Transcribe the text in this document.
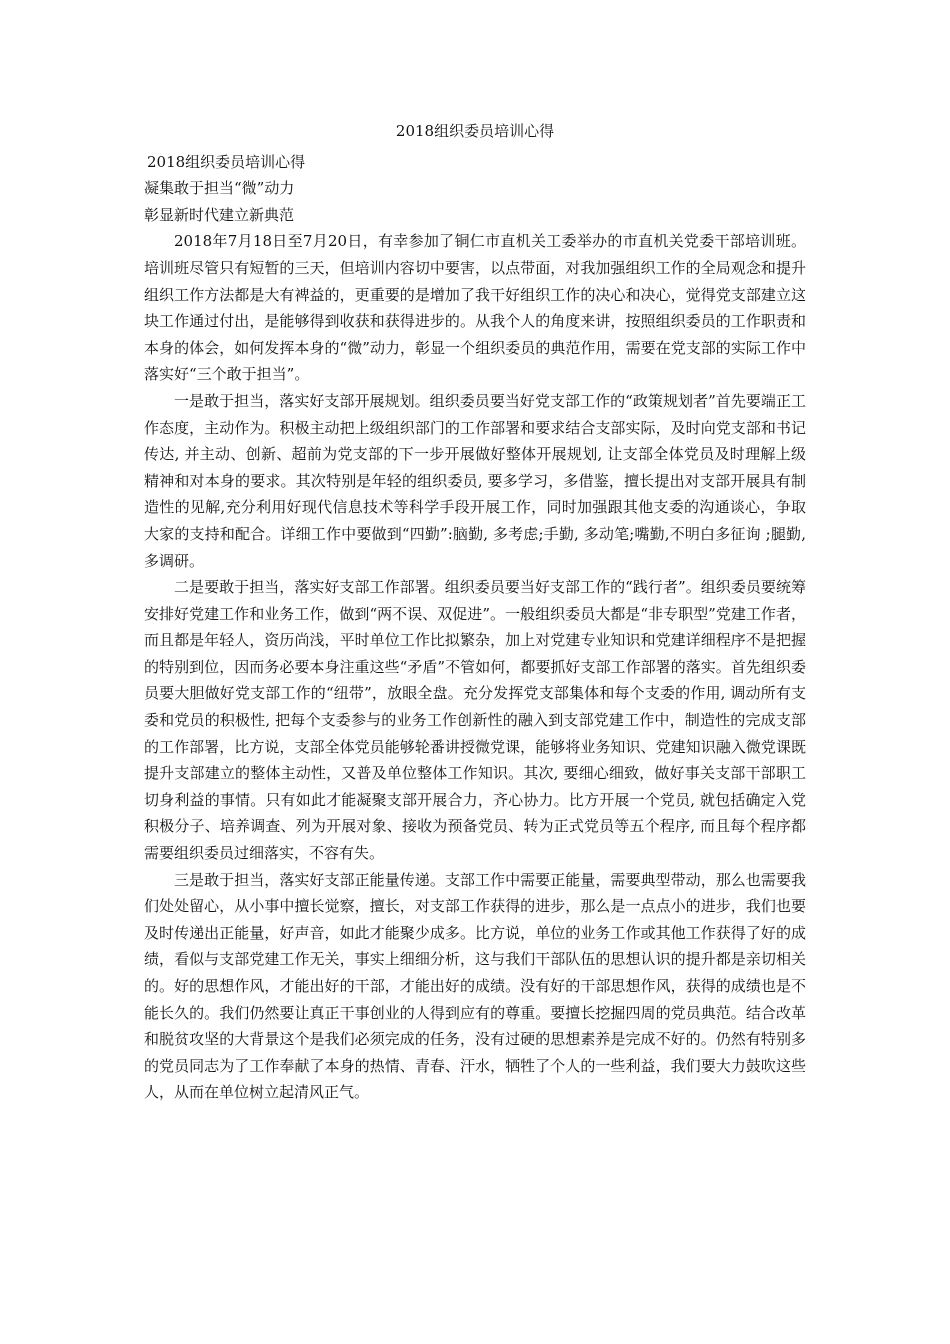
2018组织委员培训心得
2018组织委员培训心得
凝集敢于担当“微”动力
彰显新时代建立新典范

2018年7月18日至7月20日，有幸参加了铜仁市直机关工委举办的市直机关党委干部培训班。培训班尽管只有短暂的三天，但培训内容切中要害，以点带面，对我加强组织工作的全局观念和提升组织工作方法都是大有裨益的，更重要的是增加了我干好组织工作的决心和决心，觉得党支部建立这块工作通过付出，是能够得到收获和获得进步的。从我个人的角度来讲，按照组织委员的工作职责和本身的体会，如何发挥本身的“微”动力，彰显一个组织委员的典范作用，需要在党支部的实际工作中落实好“三个敢于担当”。

一是敢于担当，落实好支部开展规划。组织委员要当好党支部工作的“政策规划者”首先要端正工作态度，主动作为。积极主动把上级组织部门的工作部署和要求结合支部实际，及时向党支部和书记传达, 并主动、创新、超前为党支部的下一步开展做好整体开展规划, 让支部全体党员及时理解上级精神和对本身的要求。其次特别是年轻的组织委员, 要多学习，多借鉴，擅长提出对支部开展具有制造性的见解,充分利用好现代信息技术等科学手段开展工作，同时加强跟其他支委的沟通谈心，争取大家的支持和配合。详细工作中要做到“四勤”:脑勤, 多考虑;手勤, 多动笔;嘴勤,不明白多征询 ;腿勤, 多调研。

二是要敢于担当，落实好支部工作部署。组织委员要当好支部工作的“践行者”。组织委员要统筹安排好党建工作和业务工作，做到“两不误、双促进”。一般组织委员大都是“非专职型”党建工作者，而且都是年轻人，资历尚浅，平时单位工作比拟繁杂，加上对党建专业知识和党建详细程序不是把握的特别到位，因而务必要本身注重这些“矛盾”不管如何，都要抓好支部工作部署的落实。首先组织委员要大胆做好党支部工作的“纽带”，放眼全盘。充分发挥党支部集体和每个支委的作用, 调动所有支委和党员的积极性, 把每个支委参与的业务工作创新性的融入到支部党建工作中，制造性的完成支部的工作部署，比方说，支部全体党员能够轮番讲授微党课，能够将业务知识、党建知识融入微党课既提升支部建立的整体主动性，又普及单位整体工作知识。其次, 要细心细致，做好事关支部干部职工切身利益的事情。只有如此才能凝聚支部开展合力，齐心协力。比方开展一个党员, 就包括确定入党积极分子、培养调查、列为开展对象、接收为预备党员、转为正式党员等五个程序, 而且每个程序都需要组织委员过细落实，不容有失。

三是敢于担当，落实好支部正能量传递。支部工作中需要正能量，需要典型带动，那么也需要我们处处留心，从小事中擅长觉察，擅长，对支部工作获得的进步，那么是一点点小的进步，我们也要及时传递出正能量，好声音，如此才能聚少成多。比方说，单位的业务工作或其他工作获得了好的成绩，看似与支部党建工作无关，事实上细细分析，这与我们干部队伍的思想认识的提升都是亲切相关的。好的思想作风，才能出好的干部，才能出好的成绩。没有好的干部思想作风，获得的成绩也是不能长久的。我们仍然要让真正干事创业的人得到应有的尊重。要擅长挖掘四周的党员典范。结合改革和脱贫攻坚的大背景这个是我们必须完成的任务，没有过硬的思想素养是完成不好的。仍然有特别多的党员同志为了工作奉献了本身的热情、青春、汗水，牺牲了个人的一些利益，我们要大力鼓吹这些人，从而在单位树立起清风正气。
